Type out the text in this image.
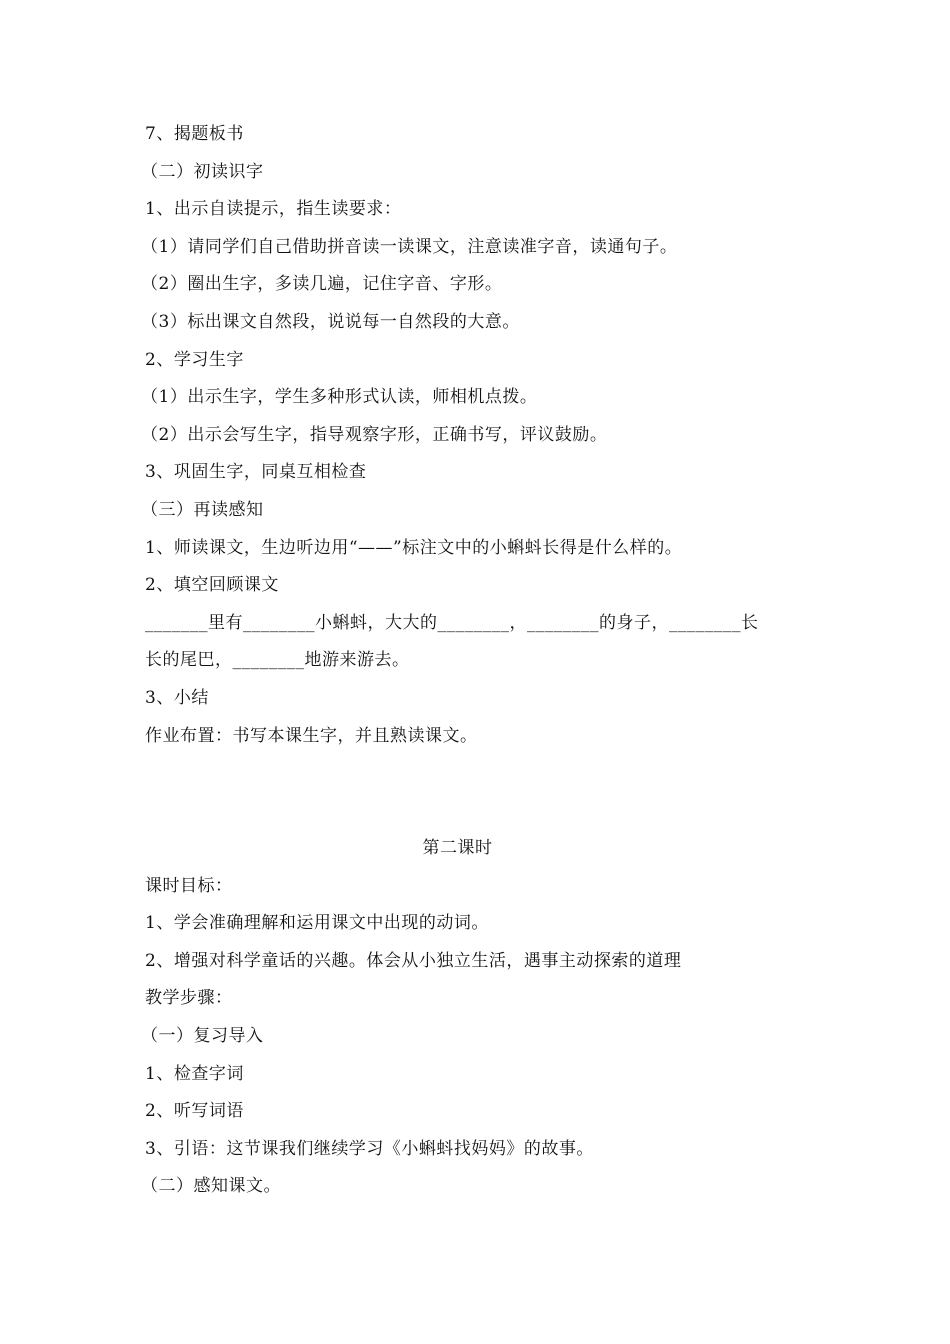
7、揭题板书
（二）初读识字
1、出示自读提示，指生读要求：
（1）请同学们自己借助拼音读一读课文，注意读准字音，读通句子。
（2）圈出生字，多读几遍，记住字音、字形。
（3）标出课文自然段，说说每一自然段的大意。
2、学习生字
（1）出示生字，学生多种形式认读，师相机点拨。
（2）出示会写生字，指导观察字形，正确书写，评议鼓励。
3、巩固生字，同桌互相检查
（三）再读感知
1、师读课文，生边听边用“——”标注文中的小蝌蚪长得是什么样的。
2、填空回顾课文
_______里有________小蝌蚪，大大的________，________的身子，________长
长的尾巴，________地游来游去。
3、小结
作业布置：书写本课生字，并且熟读课文。
第二课时
课时目标：
1、学会准确理解和运用课文中出现的动词。
2、增强对科学童话的兴趣。体会从小独立生活，遇事主动探索的道理
教学步骤：
（一）复习导入
1、检查字词
2、听写词语
3、引语：这节课我们继续学习《小蝌蚪找妈妈》的故事。
（二）感知课文。
